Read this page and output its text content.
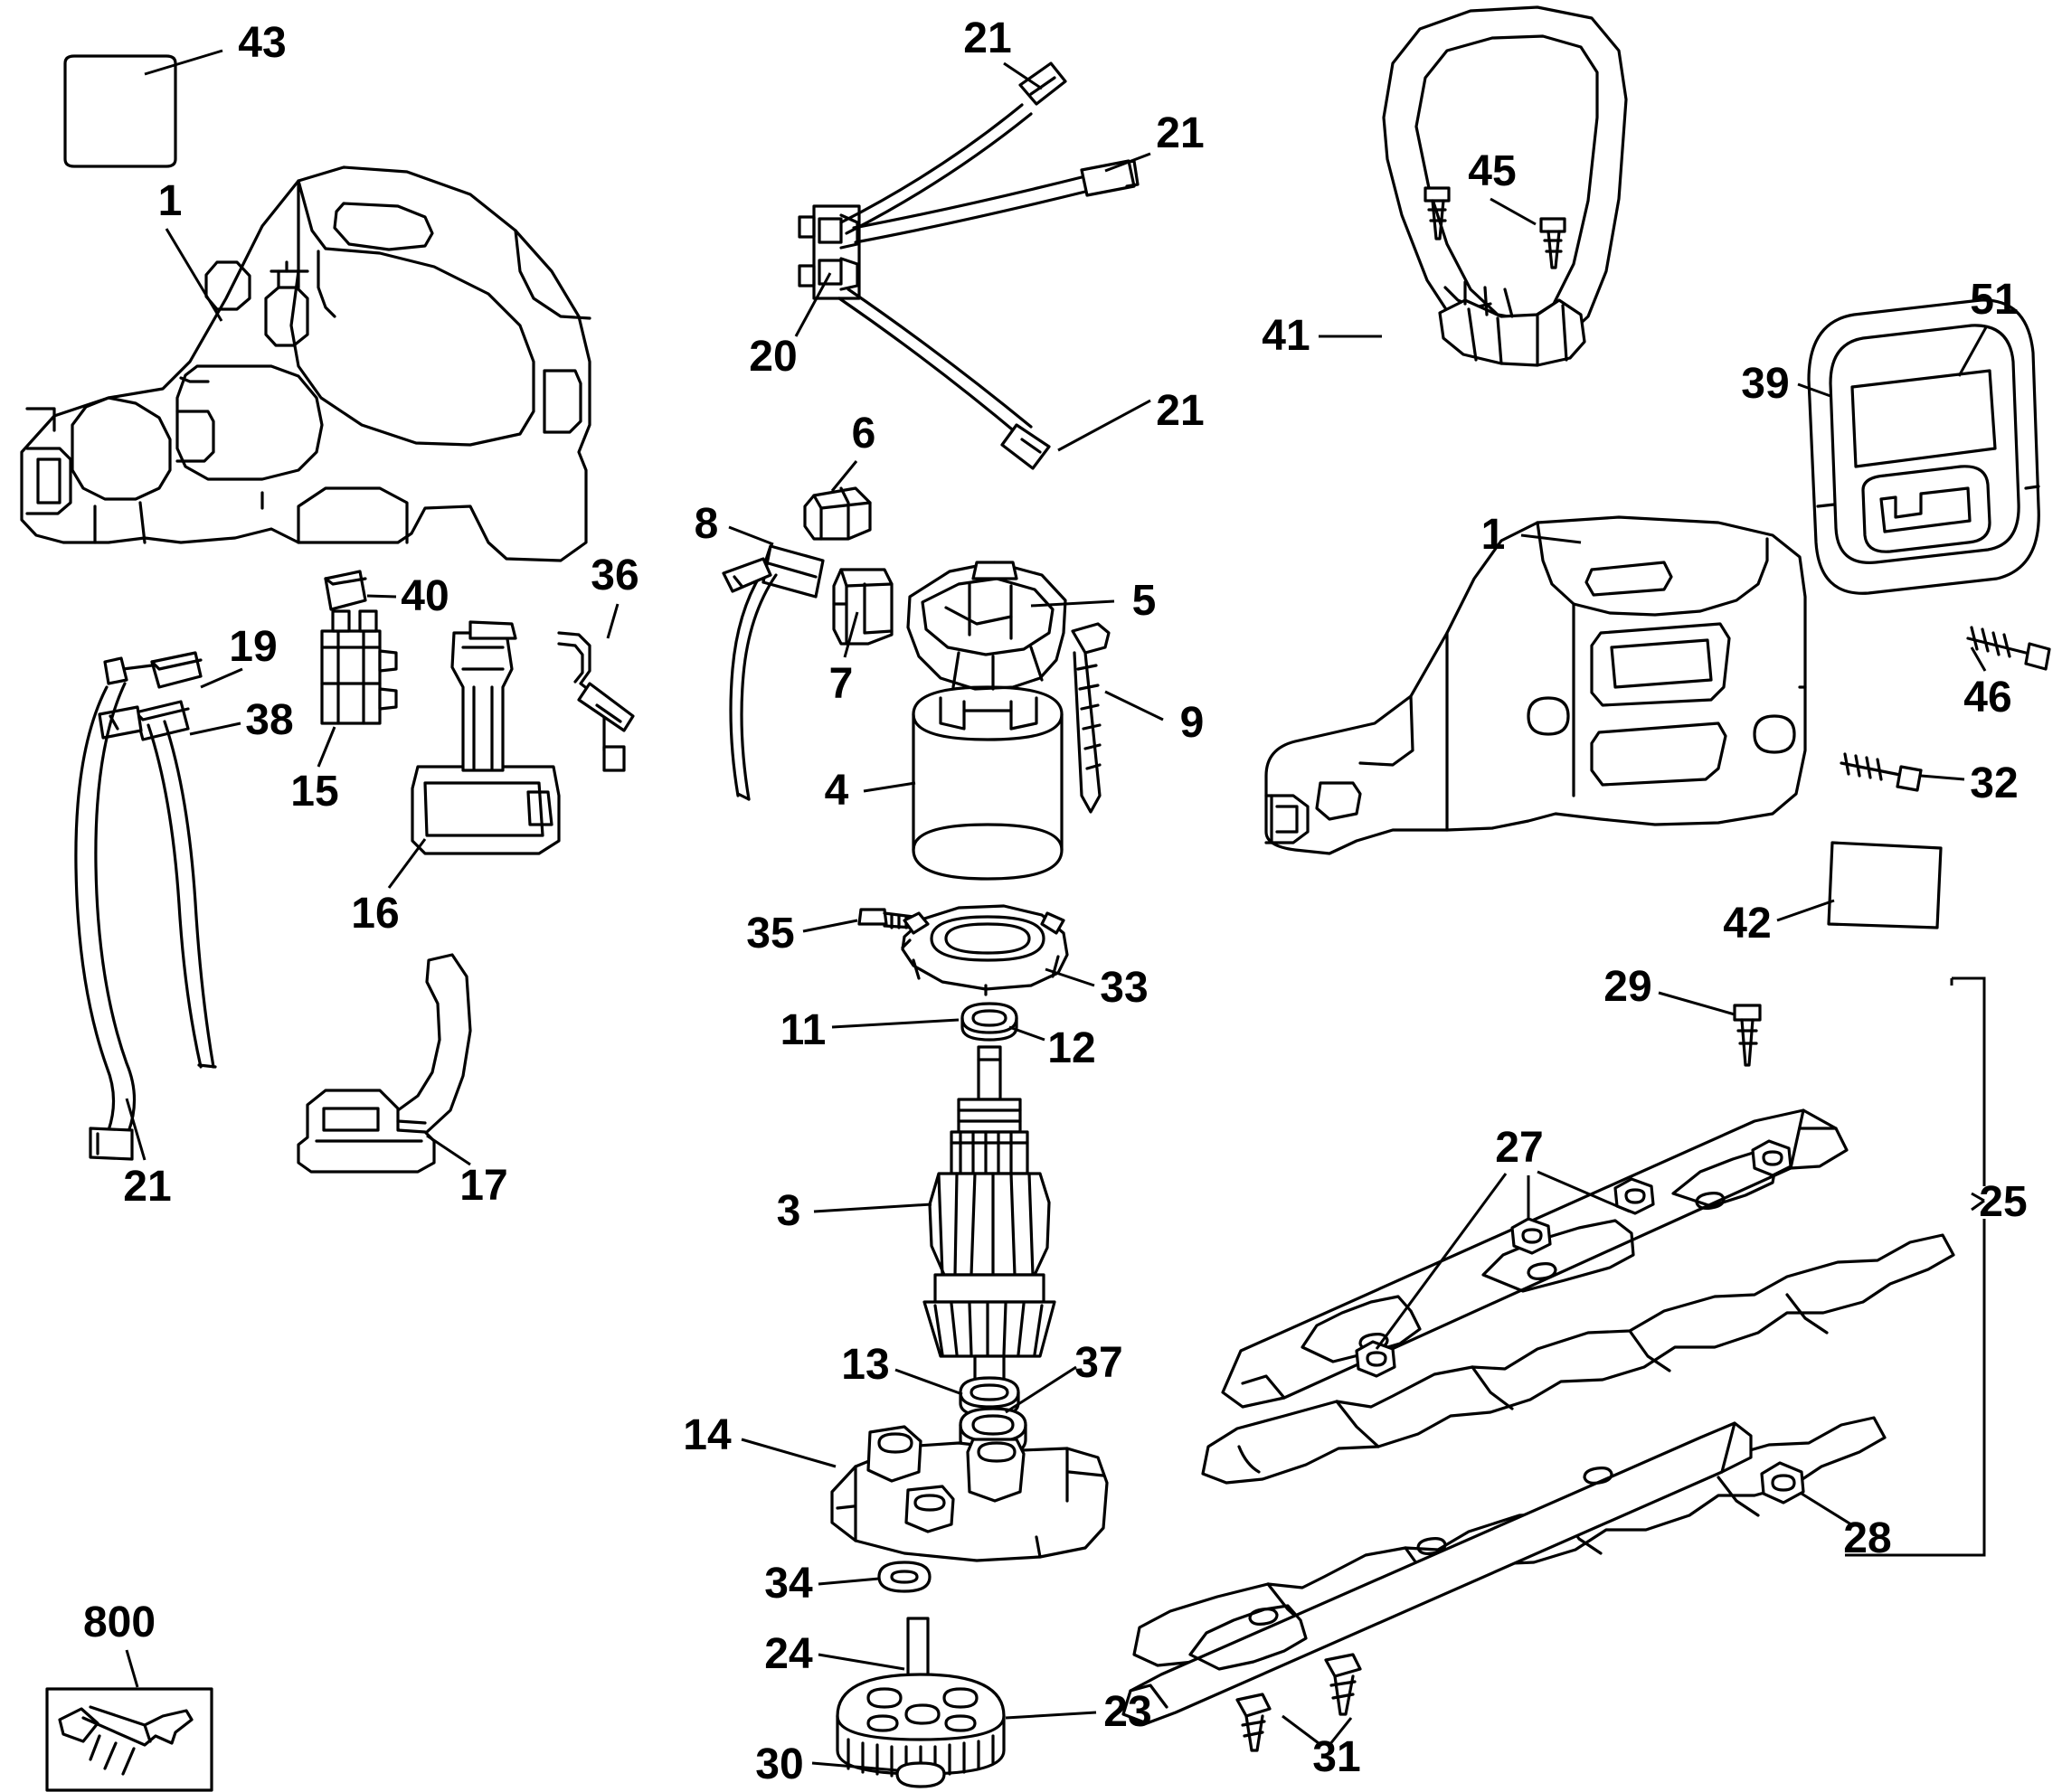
43
1
21
21
21
20
6
8
7
5
9
4
36
40
19
38
15
16
21	17
35
33
11	12
3
13	37
14
34
24
23
30
800
45
41
51
39
1
46
32
42
29
27
25
28
31
